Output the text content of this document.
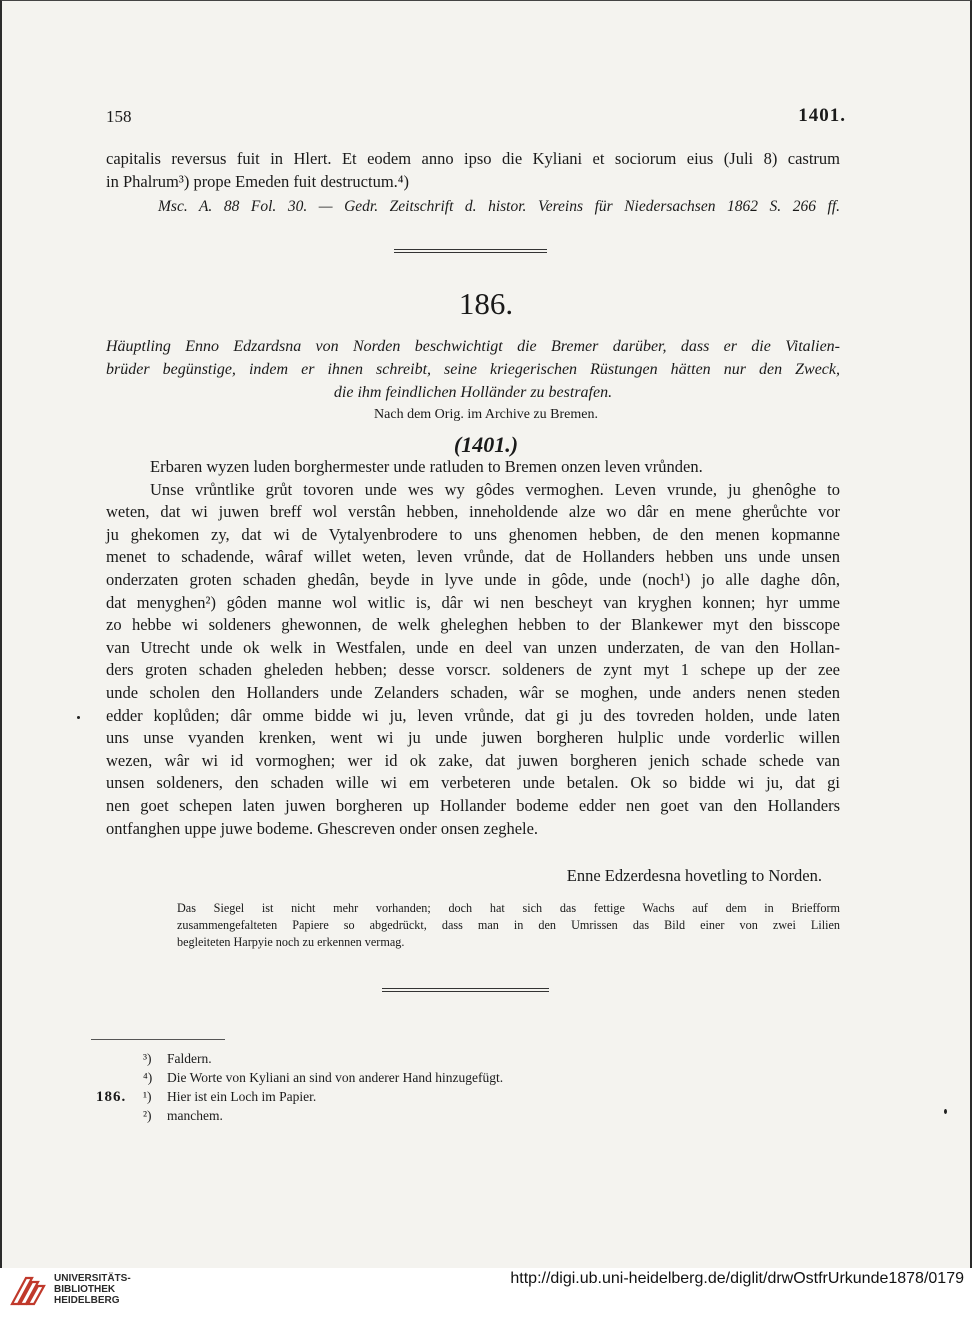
158	1401.
capitalis reversus fuit in Hlert. Et eodem anno ipso die Kyliani et sociorum eius (Juli 8) castrum
in Phalrum³) prope Emeden fuit destructum.⁴)
Msc. A. 88 Fol. 30. — Gedr. Zeitschrift d. histor. Vereins für Niedersachsen 1862 S. 266 ff.
186.
Häuptling Enno Edzardsna von Norden beschwichtigt die Bremer darüber, dass er die Vitalien-
brüder begünstige, indem er ihnen schreibt, seine kriegerischen Rüstungen hätten nur den Zweck,
die ihm feindlichen Holländer zu bestrafen.
Nach dem Orig. im Archive zu Bremen.
(1401.)
Erbaren wyzen luden borghermester unde ratluden to Bremen onzen leven vrůnden.
Unse vrůntlike grůt tovoren unde wes wy gôdes vermoghen. Leven vrunde, ju ghenôghe to
weten, dat wi juwen breff wol verstân hebben, inneholdende alze wo dâr en mene gherůchte vor
ju ghekomen zy, dat wi de Vytalyenbrodere to uns ghenomen hebben, de den menen kopmanne
menet to schadende, wâraf willet weten, leven vrůnde, dat de Hollanders hebben uns unde unsen
onderzaten groten schaden ghedân, beyde in lyve unde in gôde, unde (noch¹) jo alle daghe dôn,
dat menyghen²) gôden manne wol witlic is, dâr wi nen bescheyt van kryghen konnen; hyr umme
zo hebbe wi soldeners ghewonnen, de welk gheleghen hebben to der Blankewer myt den bisscope
van Utrecht unde ok welk in Westfalen, unde en deel van unzen underzaten, de van den Hollan-
ders groten schaden gheleden hebben; desse vorscr. soldeners de zynt myt 1 schepe up der zee
unde scholen den Hollanders unde Zelanders schaden, wâr se moghen, unde anders nenen steden
edder koplůden; dâr omme bidde wi ju, leven vrůnde, dat gi ju des tovreden holden, unde laten
uns unse vyanden krenken, went wi ju unde juwen borgheren hulplic unde vorderlic willen
wezen, wâr wi id vormoghen; wer id ok zake, dat juwen borgheren jenich schade schede van
unsen soldeners, den schaden wille wi em verbeteren unde betalen. Ok so bidde wi ju, dat gi
nen goet schepen laten juwen borgheren up Hollander bodeme edder nen goet van den Hollanders
ontfanghen uppe juwe bodeme. Ghescreven onder onsen zeghele.
Enne Edzerdesna hovetling to Norden.
Das Siegel ist nicht mehr vorhanden; doch hat sich das fettige Wachs auf dem in Briefform
zusammengefalteten Papiere so abgedrückt, dass man in den Umrissen das Bild einer von zwei Lilien
begleiteten Harpyie noch zu erkennen vermag.
186.
³) Faldern.
⁴) Die Worte von Kyliani an sind von anderer Hand hinzugefügt.
¹) Hier ist ein Loch im Papier.
²) manchem.
UNIVERSITÄTS-
BIBLIOTHEK
HEIDELBERG
http://digi.ub.uni-heidelberg.de/diglit/drwOstfrUrkunde1878/0179
